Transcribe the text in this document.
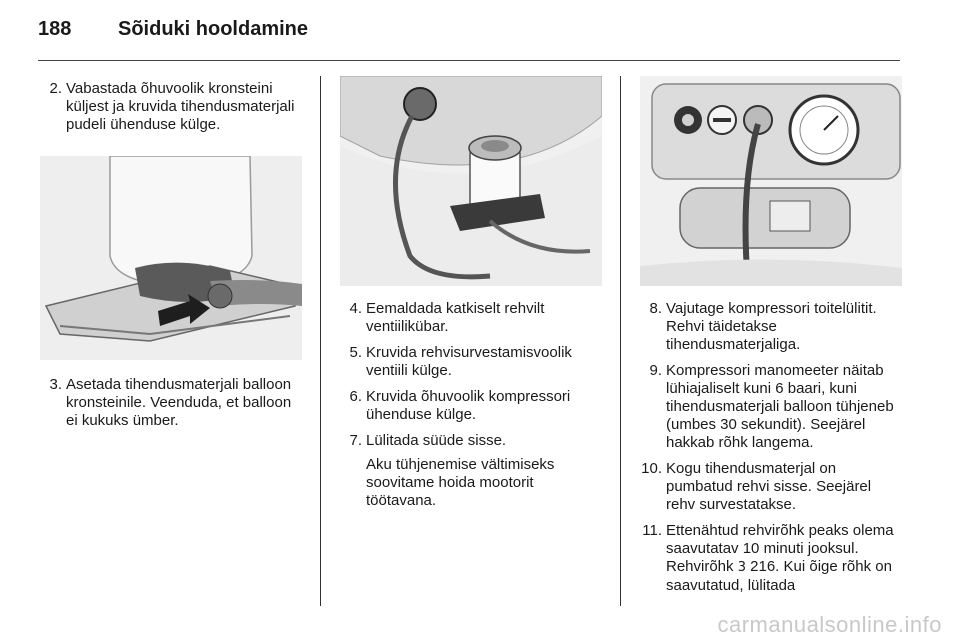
188 Sõiduki hooldamine
2. Vabastada õhuvoolik kronsteini küljest ja kruvida tihendusmaterjali pudeli ühenduse külge.
3. Asetada tihendusmaterjali balloon kronsteinile. Veenduda, et balloon ei kukuks ümber.
4. Eemaldada katkiselt rehvilt ventiilikübar.
5. Kruvida rehvisurvestamisvoolik ventiili külge.
6. Kruvida õhuvoolik kompressori ühenduse külge.
7. Lülitada süüde sisse.
Aku tühjenemise vältimiseks soovitame hoida mootorit töötavana.
8. Vajutage kompressori toitelülitit. Rehvi täidetakse tihendusmaterjaliga.
9. Kompressori manomeeter näitab lühiajaliselt kuni 6 baari, kuni tihendusmaterjali balloon tühjeneb (umbes 30 sekundit). Seejärel hakkab rõhk langema.
10. Kogu tihendusmaterjal on pumbatud rehvi sisse. Seejärel rehv survestatakse.
11. Ettenähtud rehvirõhk peaks olema saavutatav 10 minuti jooksul. Rehvirõhk 3 216. Kui õige rõhk on saavutatud, lülitada
carmanualsonline.info
